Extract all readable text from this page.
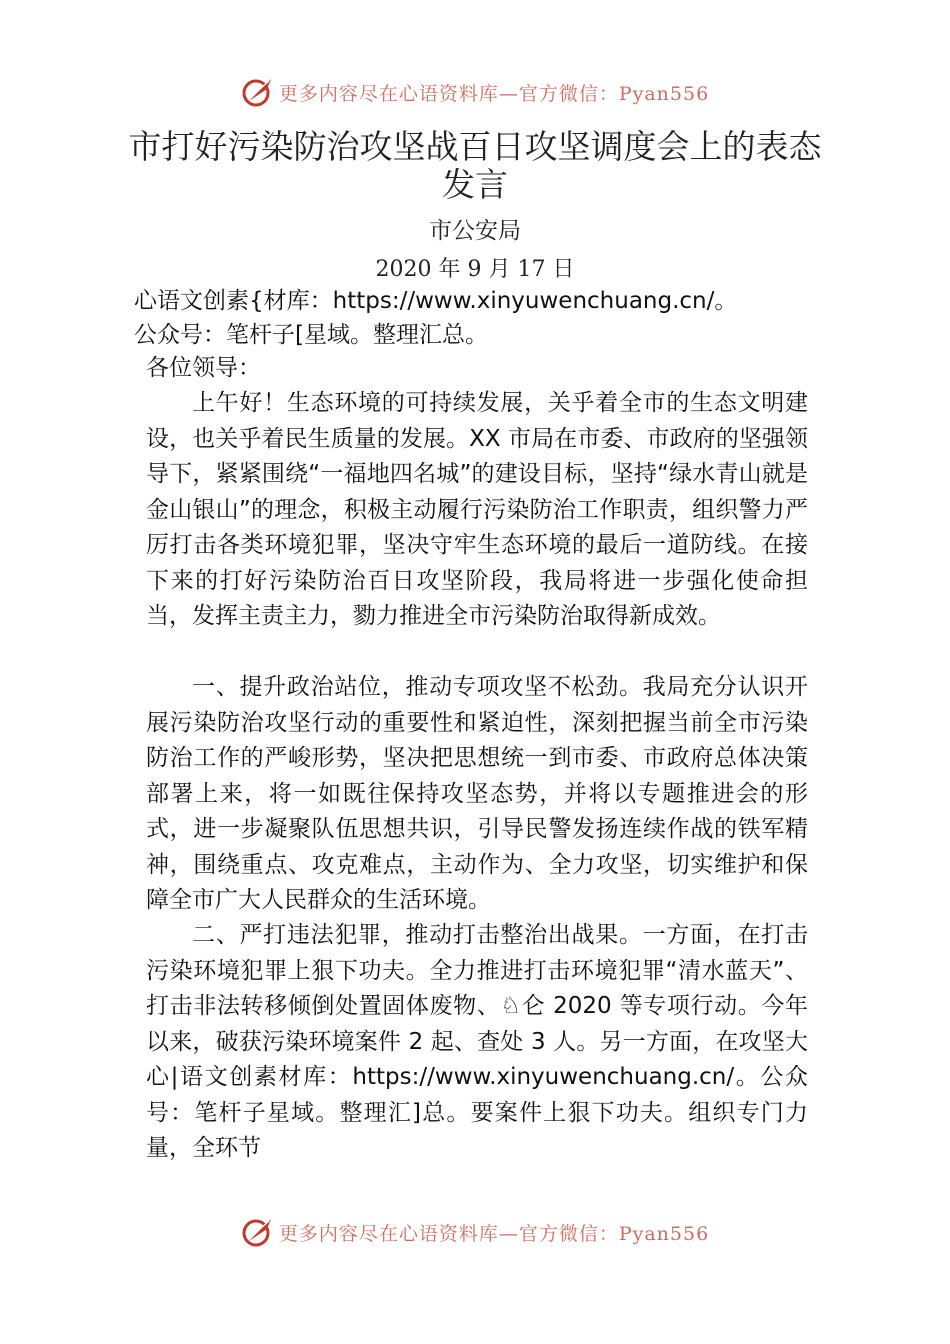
更多内容尽在心语资料库—官方微信：Pyan556
市打好污染防治攻坚战百日攻坚调度会上的表态发言
市公安局
2020 年 9 月 17 日
心语文创素{材库：https://www.xinyuwenchuang.cn/。
公众号：笔杆子[星域。整理汇总。
各位领导：
上午好！生态环境的可持续发展，关乎着全市的生态文明建设，也关乎着民生质量的发展。XX 市局在市委、市政府的坚强领导下，紧紧围绕“一福地四名城”的建设目标，坚持“绿水青山就是金山银山”的理念，积极主动履行污染防治工作职责，组织警力严厉打击各类环境犯罪，坚决守牢生态环境的最后一道防线。在接下来的打好污染防治百日攻坚阶段，我局将进一步强化使命担当，发挥主责主力，勠力推进全市污染防治取得新成效。
一、提升政治站位，推动专项攻坚不松劲。我局充分认识开展污染防治攻坚行动的重要性和紧迫性，深刻把握当前全市污染防治工作的严峻形势，坚决把思想统一到市委、市政府总体决策部署上来，将一如既往保持攻坚态势，并将以专题推进会的形式，进一步凝聚队伍思想共识，引导民警发扬连续作战的铁军精神，围绕重点、攻克难点，主动作为、全力攻坚，切实维护和保障全市广大人民群众的生活环境。
二、严打违法犯罪，推动打击整治出战果。一方面，在打击污染环境犯罪上狠下功夫。全力推进打击环境犯罪“清水蓝天”、打击非法转移倾倒处置固体废物、♘仑 2020 等专项行动。今年以来，破获污染环境案件 2 起、查处 3 人。另一方面，在攻坚大心|语文创素材库：https://www.xinyuwenchuang.cn/。公众号：笔杆子星域。整理汇]总。要案件上狠下功夫。组织专门力量，全环节
更多内容尽在心语资料库—官方微信：Pyan556
